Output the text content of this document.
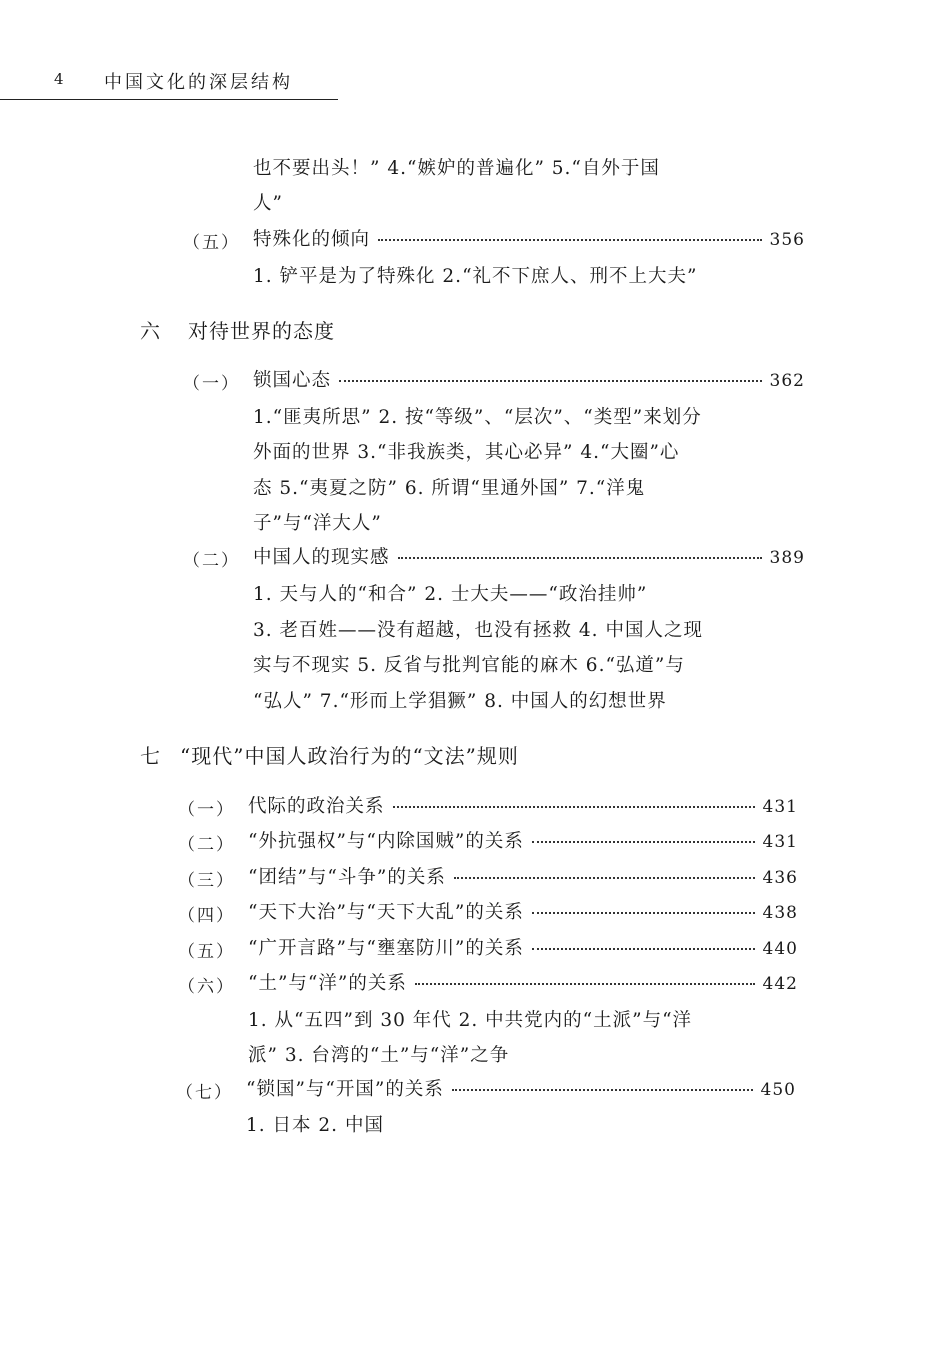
4 中国文化的深层结构
也不要出头！” 4.“嫉妒的普遍化” 5.“自外于国
人”
（五） 特殊化的倾向	356
1. 铲平是为了特殊化 2.“礼不下庶人、刑不上大夫”
六 对待世界的态度
（一） 锁国心态	362
1.“匪夷所思” 2. 按“等级”、“层次”、“类型”来划分
外面的世界 3.“非我族类，其心必异” 4.“大圈”心
态 5.“夷夏之防” 6. 所谓“里通外国” 7.“洋鬼
子”与“洋大人”
（二） 中国人的现实感	389
1. 天与人的“和合” 2. 士大夫——“政治挂帅”
3. 老百姓——没有超越，也没有拯救 4. 中国人之现
实与不现实 5. 反省与批判官能的麻木 6.“弘道”与
“弘人” 7.“形而上学猖獗” 8. 中国人的幻想世界
七 “现代”中国人政治行为的“文法”规则
（一） 代际的政治关系	431
（二） “外抗强权”与“内除国贼”的关系	431
（三） “团结”与“斗争”的关系	436
（四） “天下大治”与“天下大乱”的关系	438
（五） “广开言路”与“壅塞防川”的关系	440
（六） “土”与“洋”的关系	442
1. 从“五四”到 30 年代 2. 中共党内的“土派”与“洋
派” 3. 台湾的“土”与“洋”之争
（七） “锁国”与“开国”的关系	450
1. 日本 2. 中国
